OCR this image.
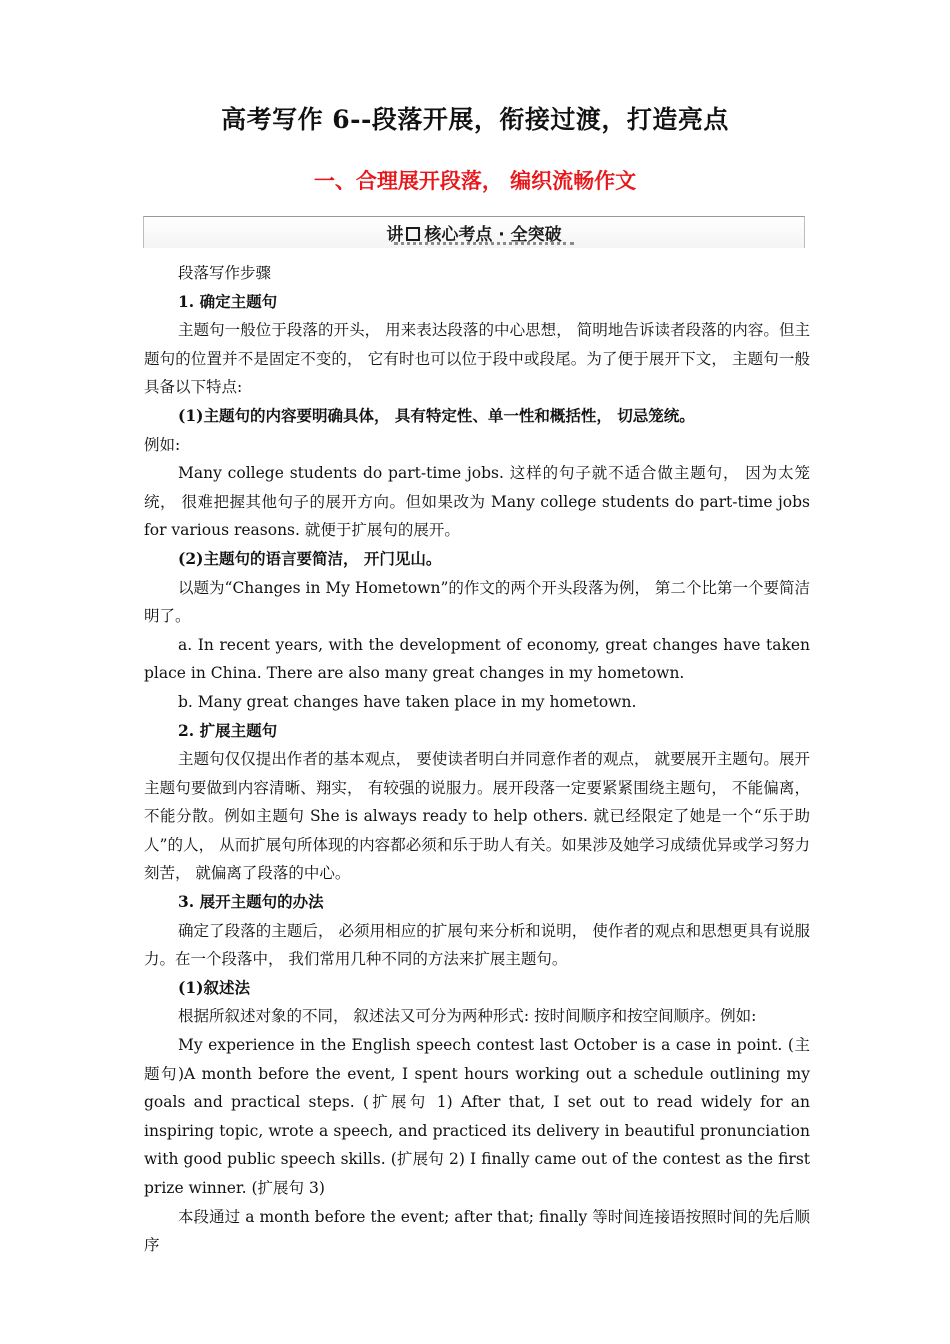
高考写作 6--段落开展，衔接过渡，打造亮点
一、合理展开段落， 编织流畅作文
讲 核心考点 · 全突破

段落写作步骤

1. 确定主题句

主题句一般位于段落的开头， 用来表达段落的中心思想， 简明地告诉读者段落的内容。但主题句的位置并不是固定不变的， 它有时也可以位于段中或段尾。为了便于展开下文， 主题句一般具备以下特点:

(1)主题句的内容要明确具体， 具有特定性、单一性和概括性， 切忌笼统。

例如:

Many college students do part-time jobs. 这样的句子就不适合做主题句， 因为太笼统， 很难把握其他句子的展开方向。但如果改为 Many college students do part-time jobs for various reasons. 就便于扩展句的展开。

(2)主题句的语言要简洁， 开门见山。

以题为“Changes in My Hometown”的作文的两个开头段落为例， 第二个比第一个要简洁明了。

a. In recent years, with the development of economy, great changes have taken place in China. There are also many great changes in my hometown.

b. Many great changes have taken place in my hometown.

2. 扩展主题句

主题句仅仅提出作者的基本观点， 要使读者明白并同意作者的观点， 就要展开主题句。展开主题句要做到内容清晰、翔实， 有较强的说服力。展开段落一定要紧紧围绕主题句， 不能偏离， 不能分散。例如主题句 She is always ready to help others. 就已经限定了她是一个“乐于助人”的人， 从而扩展句所体现的内容都必须和乐于助人有关。如果涉及她学习成绩优异或学习努力刻苦， 就偏离了段落的中心。

3. 展开主题句的办法

确定了段落的主题后， 必须用相应的扩展句来分析和说明， 使作者的观点和思想更具有说服力。在一个段落中， 我们常用几种不同的方法来扩展主题句。

(1)叙述法

根据所叙述对象的不同， 叙述法又可分为两种形式: 按时间顺序和按空间顺序。例如:

My experience in the English speech contest last October is a case in point. (主题句)A month before the event, I spent hours working out a schedule outlining my goals and practical steps. (扩展句 1) After that, I set out to read widely for an inspiring topic, wrote a speech, and practiced its delivery in beautiful pronunciation with good public speech skills. (扩展句 2) I finally came out of the contest as the first prize winner. (扩展句 3)

本段通过 a month before the event; after that; finally 等时间连接语按照时间的先后顺序
